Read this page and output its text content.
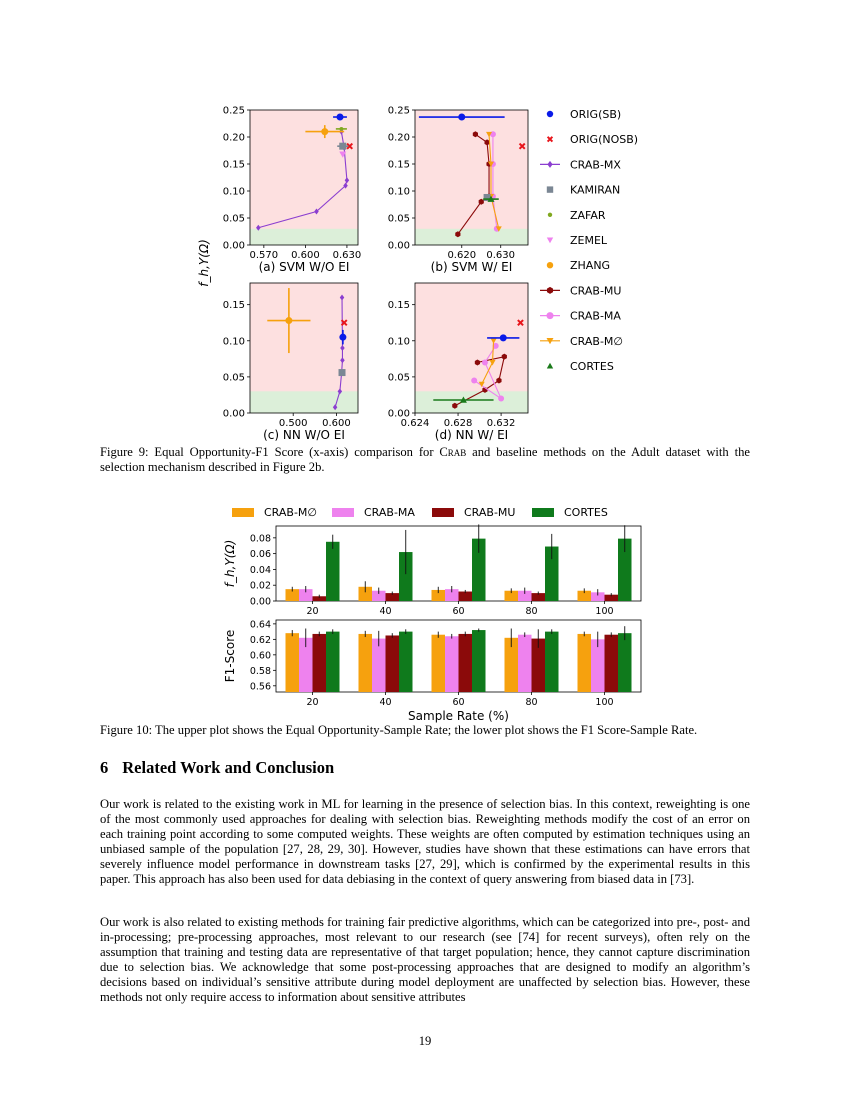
0.00
0.05
0.10
0.15
0.20
0.25
0.570 0.600 0.630
(a) SVM W/O EI
0.00
0.05
0.10
0.15
0.20
0.25
0.620 0.630
(b) SVM W/ EI
0.00
0.05
0.10
0.15
0.500 0.600
(c) NN W/O EI
0.00
0.05
0.10
0.15
0.624 0.628 0.632
(d) NN W/ EI
f_h,Y(Ω)
ORIG(SB)
ORIG(NOSB)
CRAB-MX
KAMIRAN
ZAFAR
ZEMEL
ZHANG
CRAB-MU
CRAB-MA
CRAB-M∅
CORTES
Figure 9: Equal Opportunity-F1 Score (x-axis) comparison for Crab and baseline methods on the Adult dataset with the selection mechanism described in Figure 2b.
CRAB-M∅	CRAB-MA	CRAB-MU	CORTES
0.00
0.02
0.04
0.06
0.08
20	40	60	80	100
f_h,Y(Ω)
0.56
0.58
0.60
0.62
0.64
20	40	60	80	100
F1-Score
Sample Rate (%)
Figure 10: The upper plot shows the Equal Opportunity-Sample Rate; the lower plot shows the F1 Score-Sample Rate.
6 Related Work and Conclusion

Our work is related to the existing work in ML for learning in the presence of selection bias. In this context, reweighting is one of the most commonly used approaches for dealing with selection bias. Reweighting methods modify the cost of an error on each training point according to some computed weights. These weights are often computed by estimation techniques using an unbiased sample of the population [27, 28, 29, 30]. However, studies have shown that these estimations can have errors that severely influence model performance in downstream tasks [27, 29], which is confirmed by the experimental results in this paper. This approach has also been used for data debiasing in the context of query answering from biased data in [73].

Our work is also related to existing methods for training fair predictive algorithms, which can be categorized into pre-, post- and in-processing; pre-processing approaches, most relevant to our research (see [74] for recent surveys), often rely on the assumption that training and testing data are representative of that target population; hence, they cannot capture discrimination due to selection bias. We acknowledge that some post-processing approaches that are designed to modify an algorithm’s decisions based on individual’s sensitive attribute during model deployment are unaffected by selection bias. However, these methods not only require access to information about sensitive attributes

19
